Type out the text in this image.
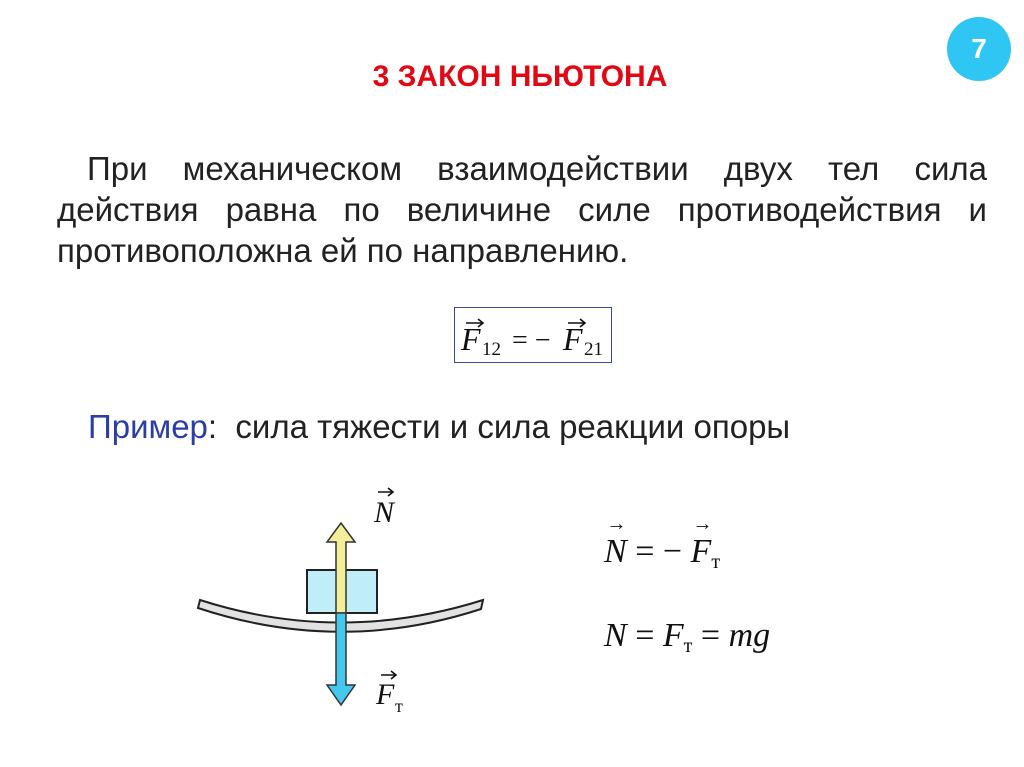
7
3 ЗАКОН НЬЮТОНА
При механическом взаимодействии двух тел сила действия равна по величине силе противодействия и противоположна ей по направлению.
F 12 = − F 21
Пример: сила тяжести и сила реакции опоры
N
F т
→ N = − → $F_т$
$N = F_т$ = mg
